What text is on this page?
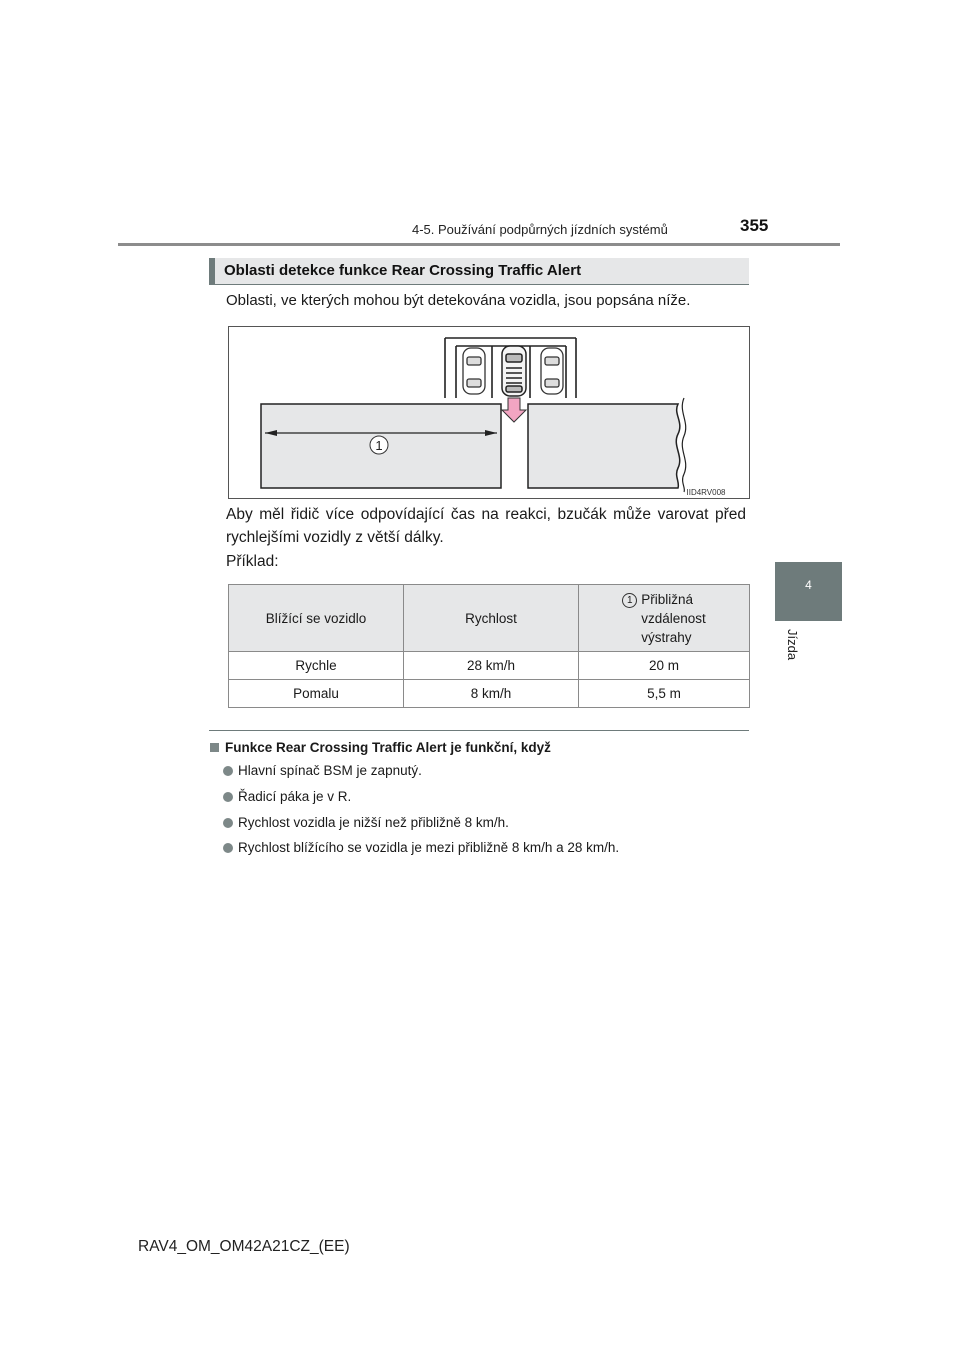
4-5. Používání podpůrných jízdních systémů	355
4
Jízda
Oblasti detekce funkce Rear Crossing Traffic Alert
Oblasti, ve kterých mohou být detekována vozidla, jsou popsána níže.
1
IID4RV008
Aby měl řidič více odpovídající čas na reakci, bzučák může varovat před rychlejšími vozidly z větší dálky.
Příklad:
Blížící se vozidlo	Rychlost	1 Přibližná
vzdálenost
výstrahy

Rychle	28 km/h	20 m
Pomalu	8 km/h	5,5 m
Funkce Rear Crossing Traffic Alert je funkční, když
Hlavní spínač BSM je zapnutý.
Řadicí páka je v R.
Rychlost vozidla je nižší než přibližně 8 km/h.
Rychlost blížícího se vozidla je mezi přibližně 8 km/h a 28 km/h.
RAV4_OM_OM42A21CZ_(EE)
